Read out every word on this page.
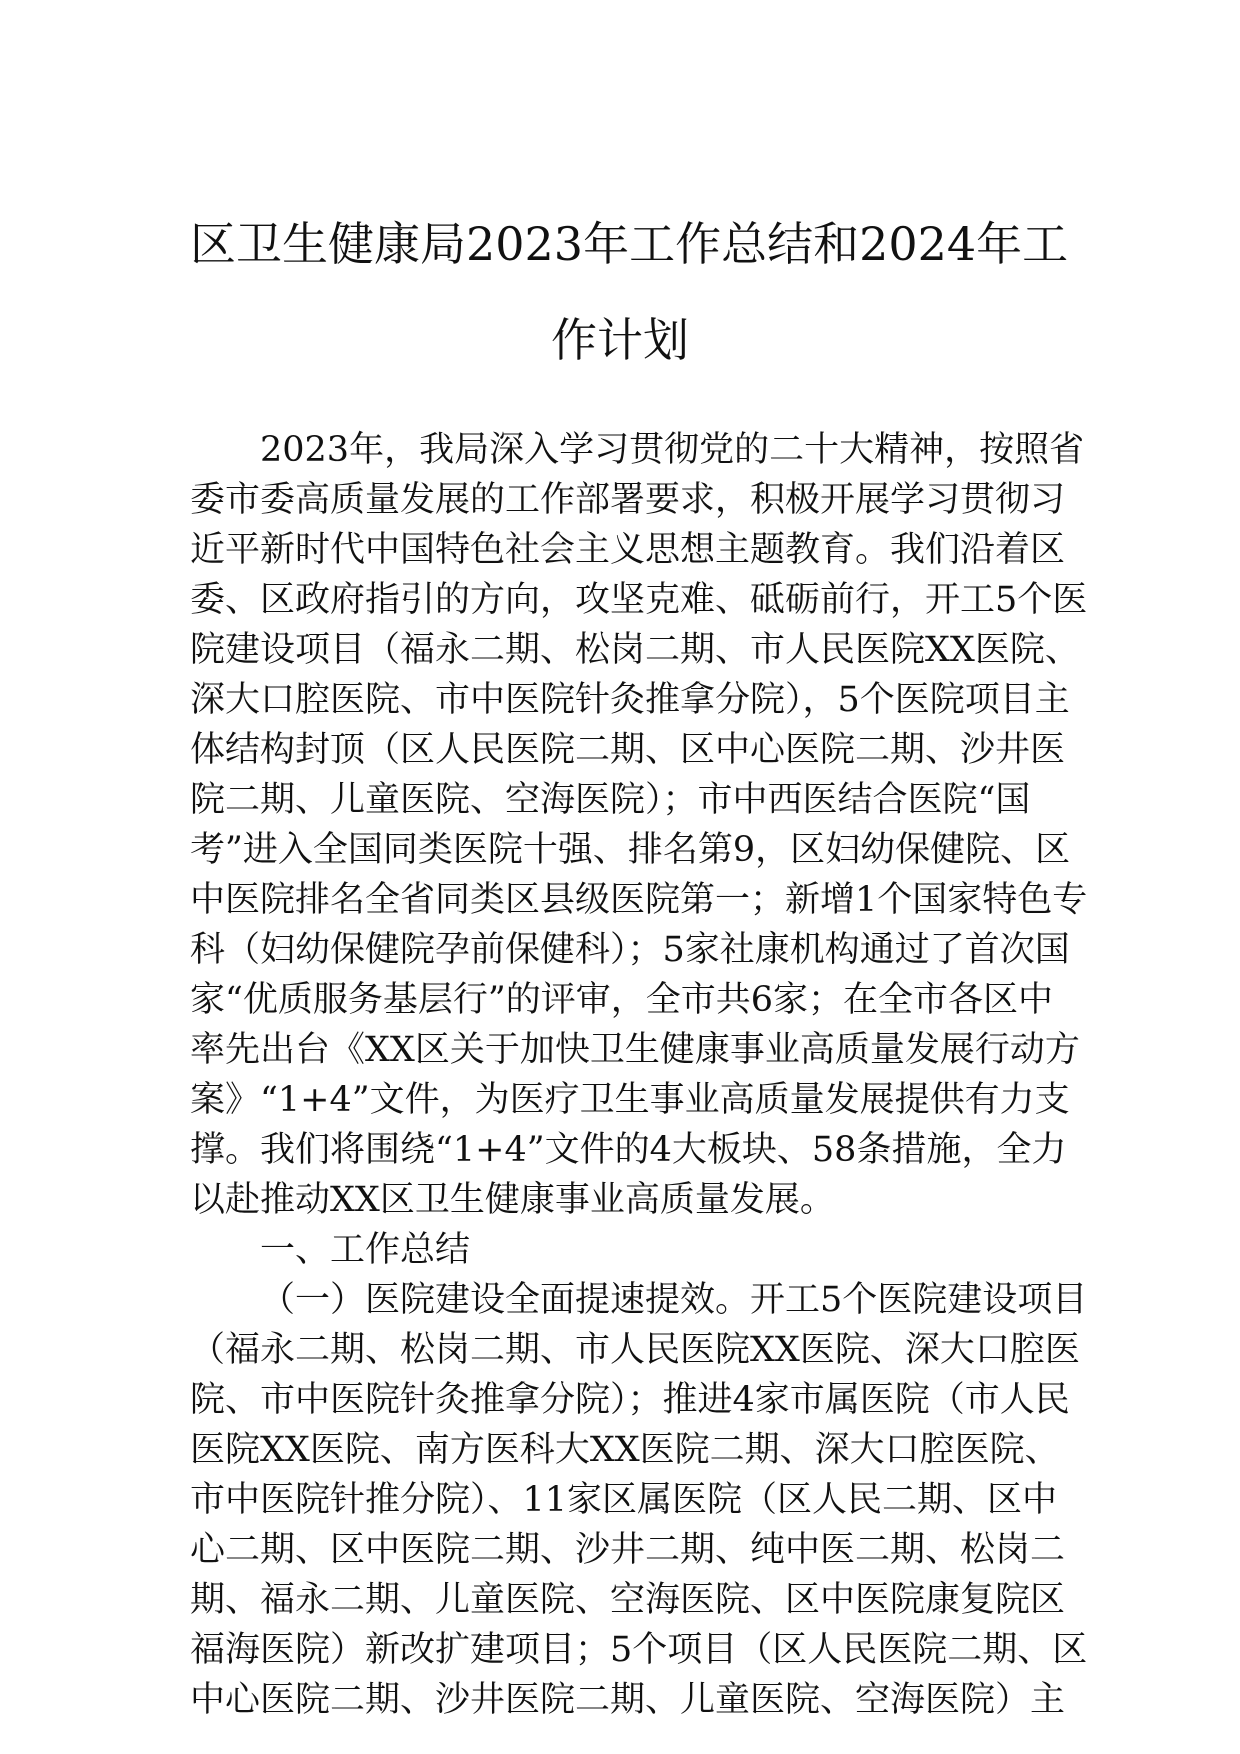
区卫生健康局2023年工作总结和2024年工
作计划
2023年，我局深入学习贯彻党的二十大精神，按照省
委市委高质量发展的工作部署要求，积极开展学习贯彻习
近平新时代中国特色社会主义思想主题教育。我们沿着区
委、区政府指引的方向，攻坚克难、砥砺前行，开工5个医
院建设项目（福永二期、松岗二期、市人民医院XX医院、
深大口腔医院、市中医院针灸推拿分院），5个医院项目主
体结构封顶（区人民医院二期、区中心医院二期、沙井医
院二期、儿童医院、空海医院）；市中西医结合医院“国
考”进入全国同类医院十强、排名第9，区妇幼保健院、区
中医院排名全省同类区县级医院第一；新增1个国家特色专
科（妇幼保健院孕前保健科）；5家社康机构通过了首次国
家“优质服务基层行”的评审，全市共6家；在全市各区中
率先出台《XX区关于加快卫生健康事业高质量发展行动方
案》“1+4”文件，为医疗卫生事业高质量发展提供有力支
撑。我们将围绕“1+4”文件的4大板块、58条措施，全力
以赴推动XX区卫生健康事业高质量发展。
一、工作总结
（一）医院建设全面提速提效。开工5个医院建设项目
（福永二期、松岗二期、市人民医院XX医院、深大口腔医
院、市中医院针灸推拿分院）；推进4家市属医院（市人民
医院XX医院、南方医科大XX医院二期、深大口腔医院、
市中医院针推分院）、11家区属医院（区人民二期、区中
心二期、区中医院二期、沙井二期、纯中医二期、松岗二
期、福永二期、儿童医院、空海医院、区中医院康复院区
福海医院）新改扩建项目；5个项目（区人民医院二期、区
中心医院二期、沙井医院二期、儿童医院、空海医院）主
